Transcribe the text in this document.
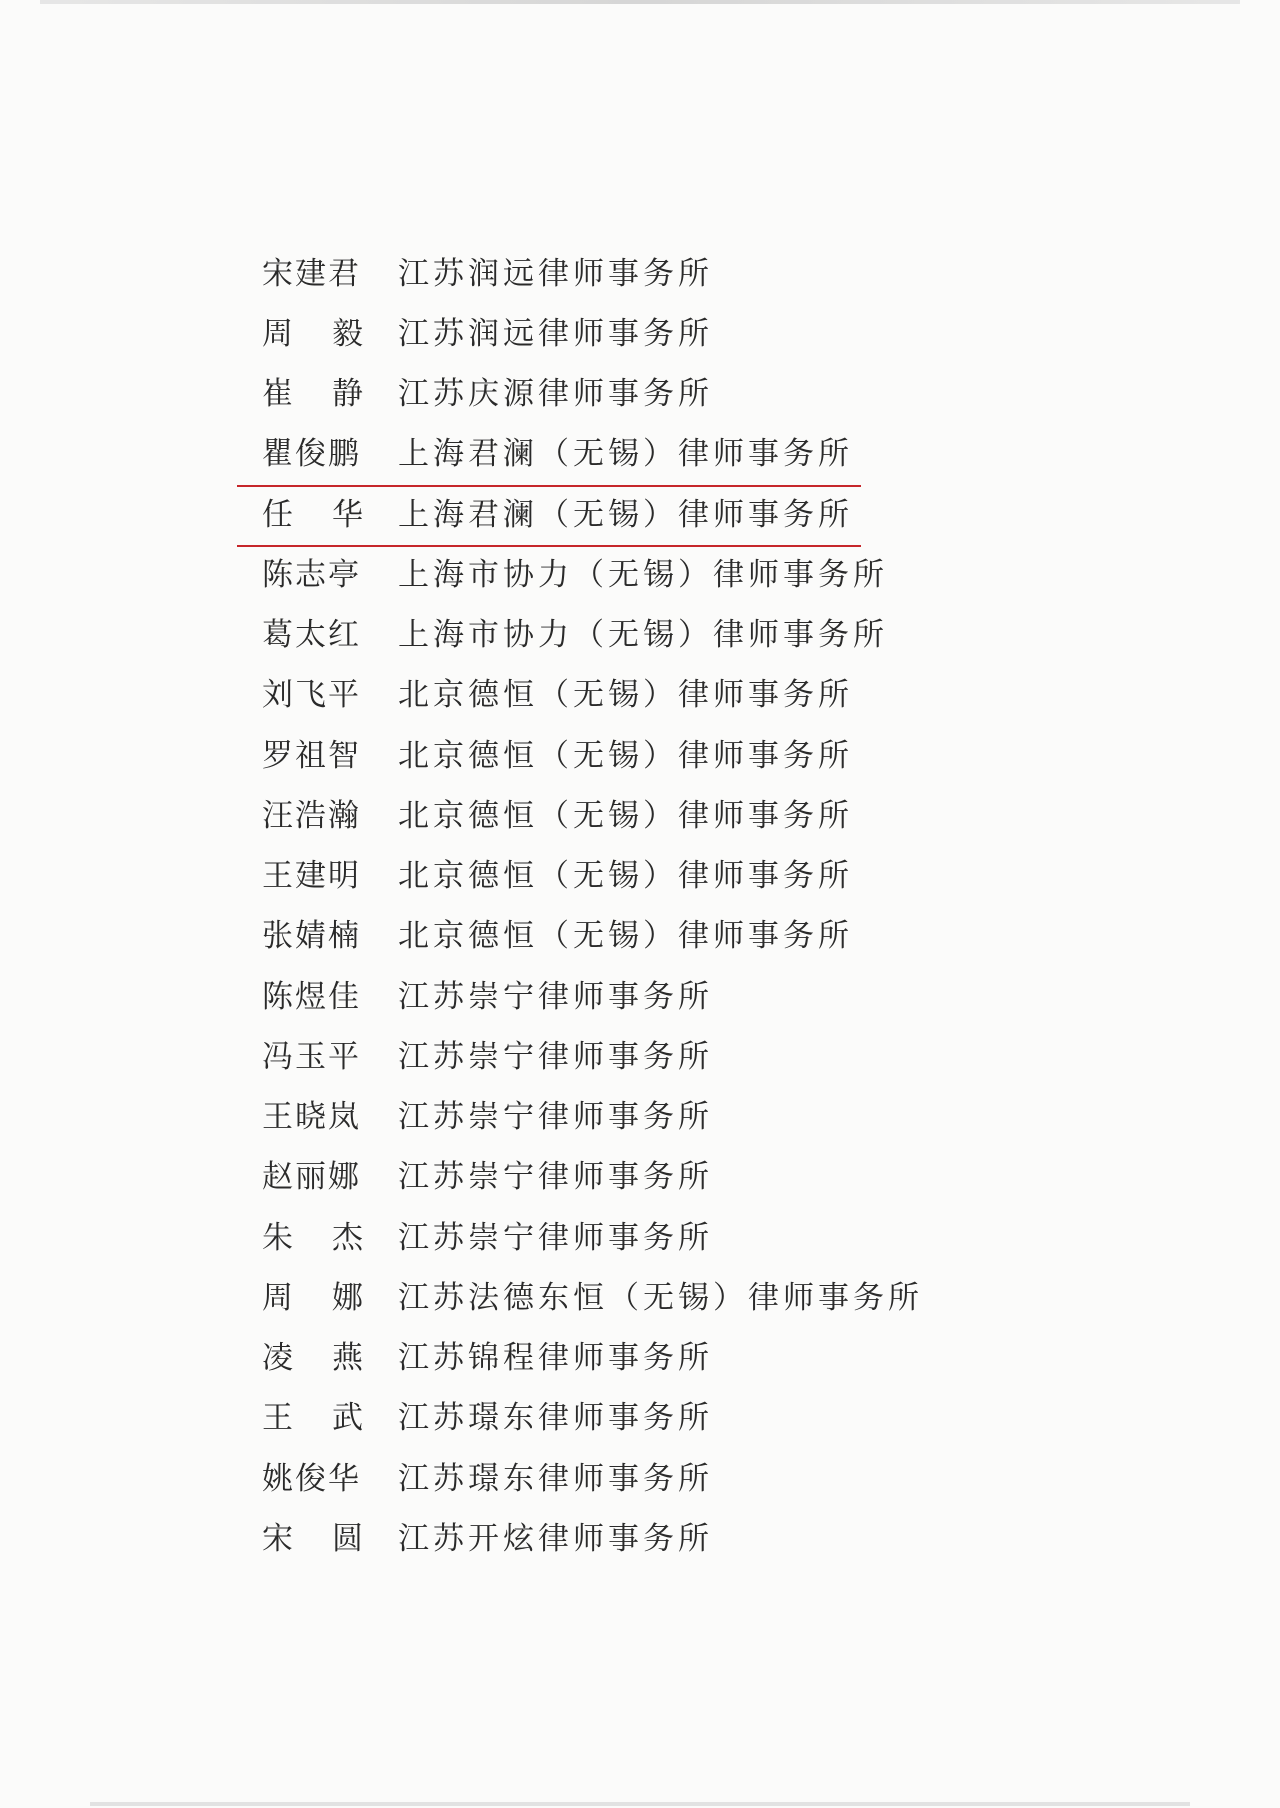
宋建君 江苏润远律师事务所
周 毅 江苏润远律师事务所
崔 静 江苏庆源律师事务所
瞿俊鹏 上海君澜（无锡）律师事务所
任 华 上海君澜（无锡）律师事务所
陈志亭 上海市协力（无锡）律师事务所
葛太红 上海市协力（无锡）律师事务所
刘飞平 北京德恒（无锡）律师事务所
罗祖智 北京德恒（无锡）律师事务所
汪浩瀚 北京德恒（无锡）律师事务所
王建明 北京德恒（无锡）律师事务所
张婧楠 北京德恒（无锡）律师事务所
陈煜佳 江苏崇宁律师事务所
冯玉平 江苏崇宁律师事务所
王晓岚 江苏崇宁律师事务所
赵丽娜 江苏崇宁律师事务所
朱 杰 江苏崇宁律师事务所
周 娜 江苏法德东恒（无锡）律师事务所
凌 燕 江苏锦程律师事务所
王 武 江苏璟东律师事务所
姚俊华 江苏璟东律师事务所
宋 圆 江苏开炫律师事务所
